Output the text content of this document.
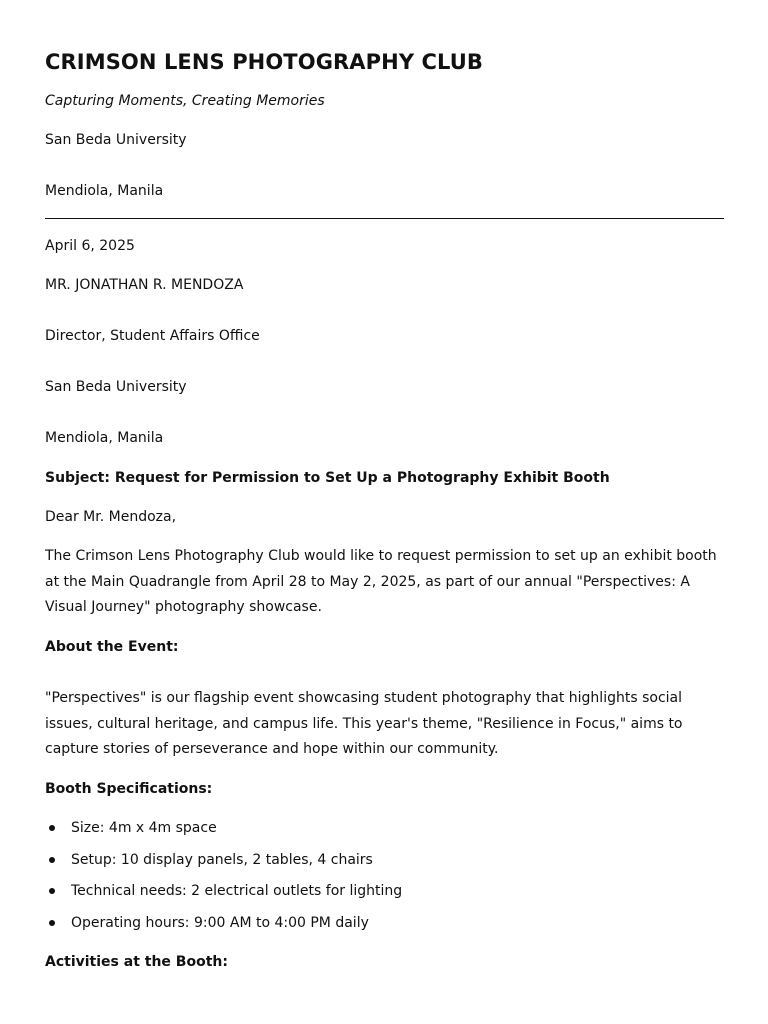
CRIMSON LENS PHOTOGRAPHY CLUB

Capturing Moments, Creating Memories

San Beda University

Mendiola, Manila

April 6, 2025

MR. JONATHAN R. MENDOZA

Director, Student Affairs Office

San Beda University

Mendiola, Manila

Subject: Request for Permission to Set Up a Photography Exhibit Booth

Dear Mr. Mendoza,

The Crimson Lens Photography Club would like to request permission to set up an exhibit booth at the Main Quadrangle from April 28 to May 2, 2025, as part of our annual "Perspectives: A Visual Journey" photography showcase.

About the Event:

"Perspectives" is our flagship event showcasing student photography that highlights social issues, cultural heritage, and campus life. This year's theme, "Resilience in Focus," aims to capture stories of perseverance and hope within our community.

Booth Specifications:

Size: 4m x 4m space
Setup: 10 display panels, 2 tables, 4 chairs
Technical needs: 2 electrical outlets for lighting
Operating hours: 9:00 AM to 4:00 PM daily

Activities at the Booth:
